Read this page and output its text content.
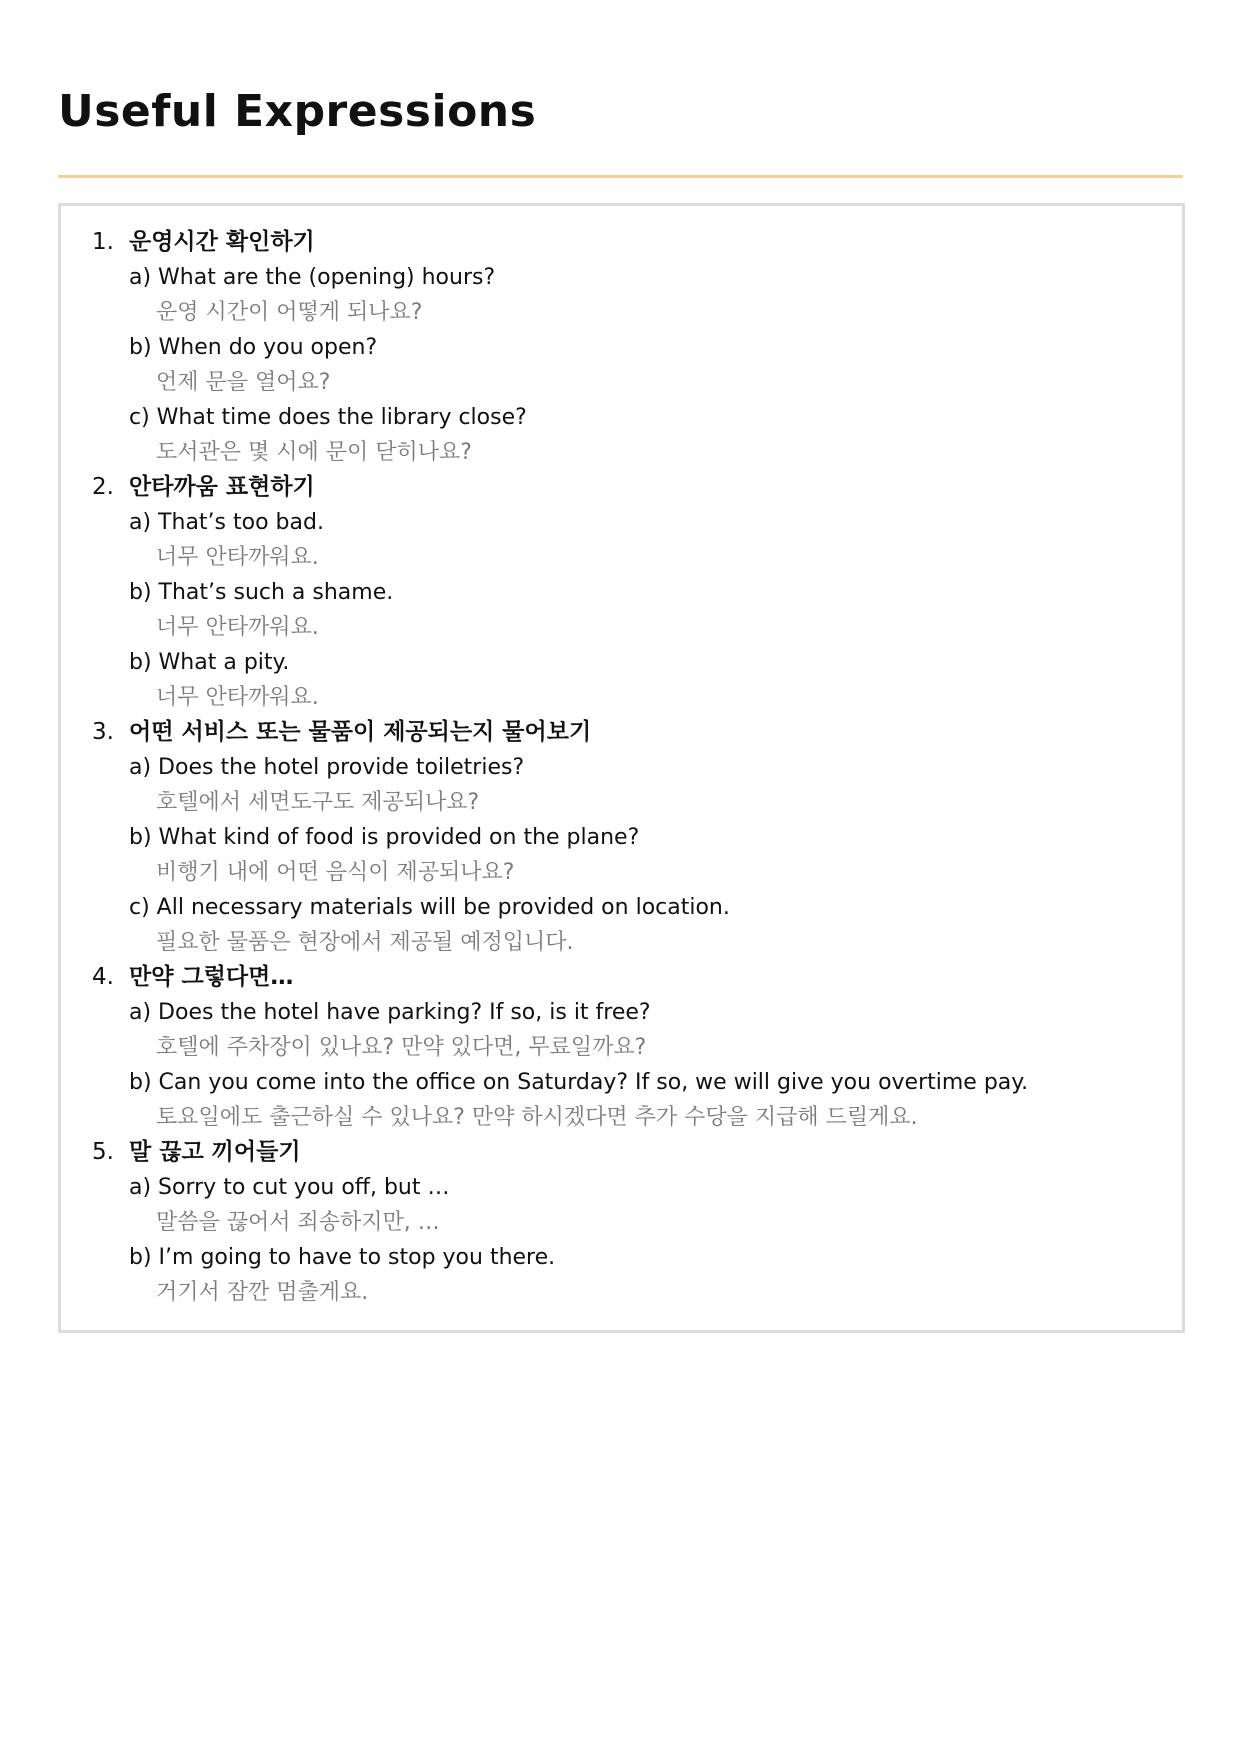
Useful Expressions
1. 운영시간 확인하기
a) What are the (opening) hours?
운영 시간이 어떻게 되나요?
b) When do you open?
언제 문을 열어요?
c) What time does the library close?
도서관은 몇 시에 문이 닫히나요?
2. 안타까움 표현하기
a) That’s too bad.
너무 안타까워요.
b) That’s such a shame.
너무 안타까워요.
b) What a pity.
너무 안타까워요.
3. 어떤 서비스 또는 물품이 제공되는지 물어보기
a) Does the hotel provide toiletries?
호텔에서 세면도구도 제공되나요?
b) What kind of food is provided on the plane?
비행기 내에 어떤 음식이 제공되나요?
c) All necessary materials will be provided on location.
필요한 물품은 현장에서 제공될 예정입니다.
4. 만약 그렇다면…
a) Does the hotel have parking? If so, is it free?
호텔에 주차장이 있나요? 만약 있다면, 무료일까요?
b) Can you come into the office on Saturday? If so, we will give you overtime pay.
토요일에도 출근하실 수 있나요? 만약 하시겠다면 추가 수당을 지급해 드릴게요.
5. 말 끊고 끼어들기
a) Sorry to cut you off, but …
말씀을 끊어서 죄송하지만, …
b) I’m going to have to stop you there.
거기서 잠깐 멈출게요.
